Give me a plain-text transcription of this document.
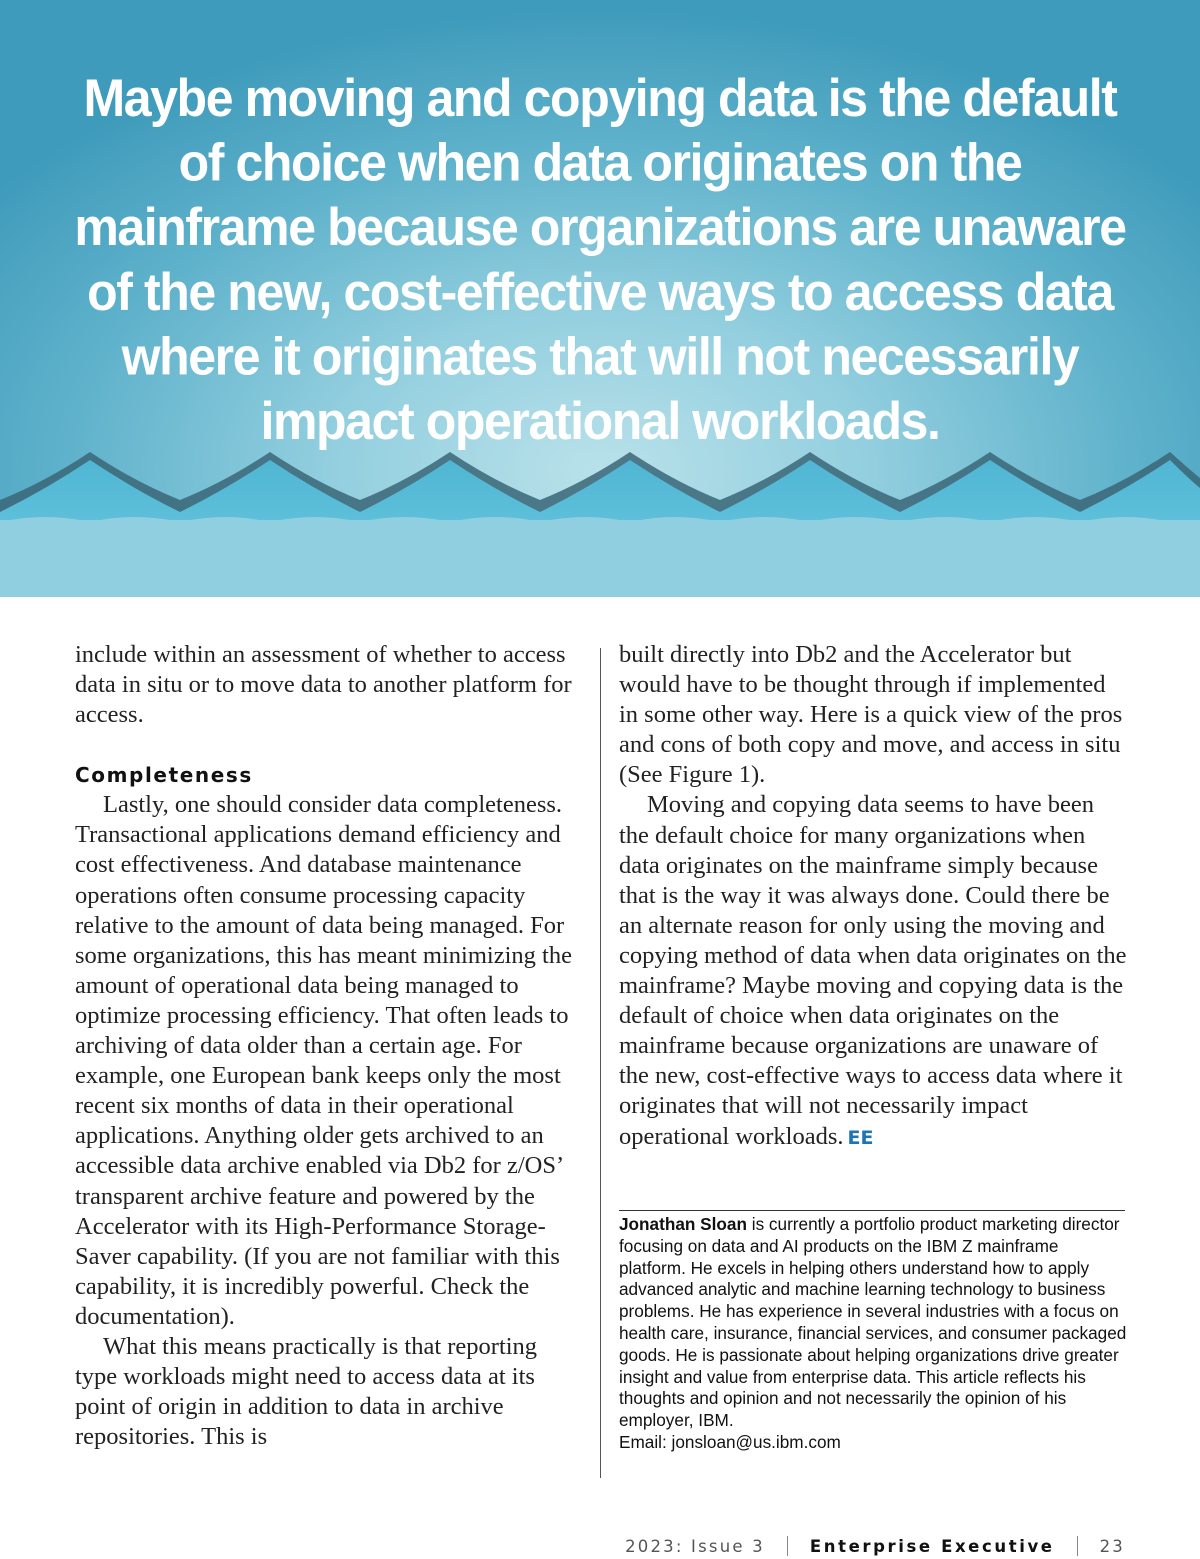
Maybe moving and copying data is the default of choice when data originates on the mainframe because organizations are unaware of the new, cost-effective ways to access data where it originates that will not necessarily impact operational workloads.

include within an assessment of whether to access data in situ or to move data to another platform for access.

Completeness

Lastly, one should consider data completeness. Transactional applications demand efficiency and cost effectiveness. And database maintenance operations often consume processing capacity relative to the amount of data being managed. For some organizations, this has meant minimizing the amount of operational data being managed to optimize processing efficiency. That often leads to archiving of data older than a certain age. For example, one European bank keeps only the most recent six months of data in their operational applications. Anything older gets archived to an accessible data archive enabled via Db2 for z/OS’ transparent archive feature and powered by the Accelerator with its High-Performance Storage-Saver capability. (If you are not familiar with this capability, it is incredibly powerful. Check the documentation).

What this means practically is that reporting type workloads might need to access data at its point of origin in addition to data in archive repositories. This is

built directly into Db2 and the Accelerator but would have to be thought through if implemented in some other way. Here is a quick view of the pros and cons of both copy and move, and access in situ (See Figure 1).

Moving and copying data seems to have been the default choice for many organizations when data originates on the mainframe simply because that is the way it was always done. Could there be an alternate reason for only using the moving and copying method of data when data originates on the mainframe? Maybe moving and copying data is the default of choice when data originates on the mainframe because organizations are unaware of the new, cost-effective ways to access data where it originates that will not necessarily impact operational workloads. EE

Jonathan Sloan is currently a portfolio product marketing director focusing on data and AI products on the IBM Z mainframe platform. He excels in helping others understand how to apply advanced analytic and machine learning technology to business problems. He has experience in several industries with a focus on health care, insurance, financial services, and consumer packaged goods. He is passionate about helping organizations drive greater insight and value from enterprise data. This article reflects his thoughts and opinion and not necessarily the opinion of his employer, IBM.
Email: jonsloan@us.ibm.com

2023: Issue 3	Enterprise Executive	23
